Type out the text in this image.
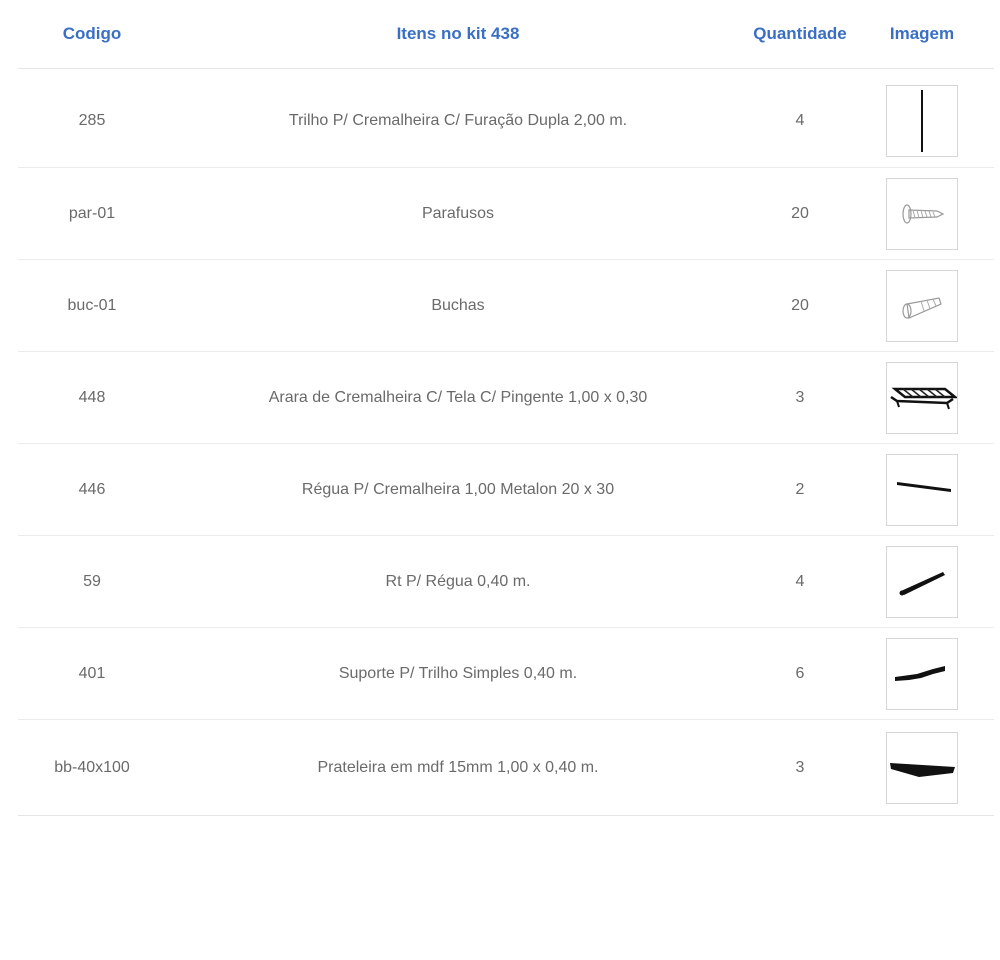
Codigo	Itens no kit 438	Quantidade	Imagem

285	Trilho P/ Cremalheira C/ Furação Dupla 2,00 m.	4	

par-01	Parafusos	20	

buc-01	Buchas	20	

448	Arara de Cremalheira C/ Tela C/ Pingente 1,00 x 0,30	3	

446	Régua P/ Cremalheira 1,00 Metalon 20 x 30	2	

59	Rt P/ Régua 0,40 m.	4	

401	Suporte P/ Trilho Simples 0,40 m.	6	

bb-40x100	Prateleira em mdf 15mm 1,00 x 0,40 m.	3	
